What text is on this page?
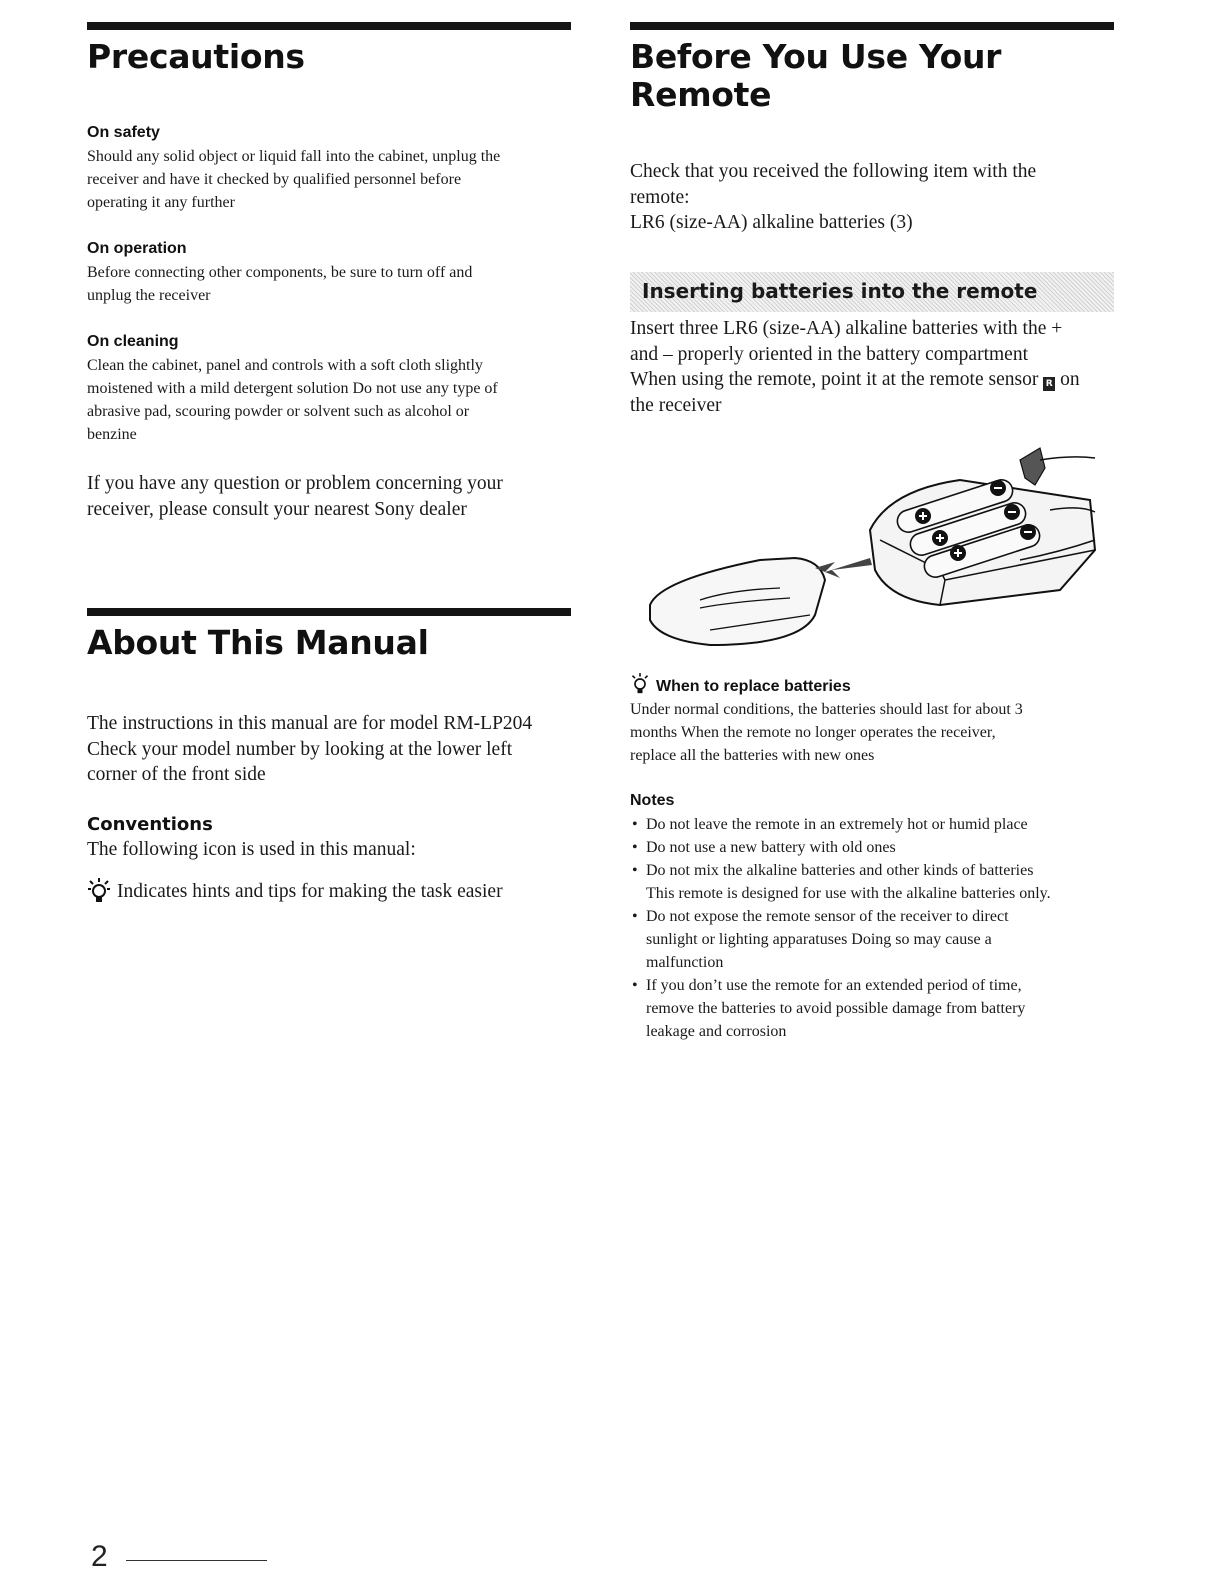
Precautions

On safety

Should any solid object or liquid fall into the cabinet, unplug the

receiver and have it checked by qualified personnel before

operating it any further

On operation

Before connecting other components, be sure to turn off and

unplug the receiver

On cleaning

Clean the cabinet, panel and controls with a soft cloth slightly

moistened with a mild detergent solution Do not use any type of

abrasive pad, scouring powder or solvent such as alcohol or

benzine

If you have any question or problem concerning your

receiver, please consult your nearest Sony dealer

About This Manual

The instructions in this manual are for model RM-LP204

Check your model number by looking at the lower left

corner of the front side

Conventions

The following icon is used in this manual:

Indicates hints and tips for making the task easier
Before You Use Your
Remote

Check that you received the following item with the

remote:

LR6 (size-AA) alkaline batteries (3)

Inserting batteries into the remote

Insert three LR6 (size-AA) alkaline batteries with the +

and – properly oriented in the battery compartment

When using the remote, point it at the remote sensor R on

the receiver

When to replace batteries

Under normal conditions, the batteries should last for about 3

months When the remote no longer operates the receiver,

replace all the batteries with new ones

Notes

• Do not leave the remote in an extremely hot or humid place
• Do not use a new battery with old ones
• Do not mix the alkaline batteries and other kinds of batteries
This remote is designed for use with the alkaline batteries only.
• Do not expose the remote sensor of the receiver to direct
sunlight or lighting apparatuses Doing so may cause a
malfunction
• If you don’t use the remote for an extended period of time,
remove the batteries to avoid possible damage from battery
leakage and corrosion
2
